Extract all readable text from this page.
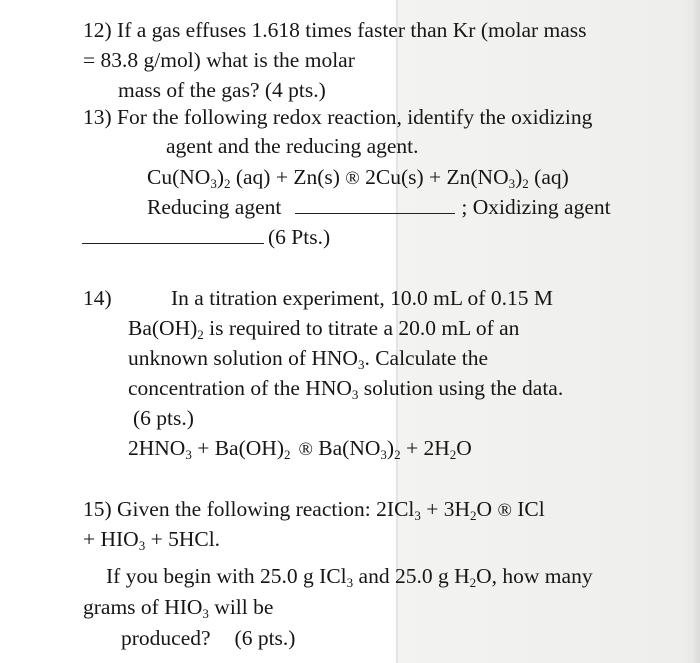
12) If a gas effuses 1.618 times faster than Kr (molar mass
= 83.8 g/mol) what is the molar
mass of the gas? (4 pts.)
13) For the following redox reaction, identify the oxidizing
agent and the reducing agent.
$Cu(NO_3)_2$ (aq) + Zn(s) ® $2Cu(s) + Zn(NO_3)_2$ (aq)
Reducing agent	; Oxidizing agent
(6 Pts.)
14)	In a titration experiment, 10.0 mL of 0.15 M
$Ba(OH)_2$ is required to titrate a 20.0 mL of an
unknown solution of $HNO_3$. Calculate the
concentration of the $HNO_3$ solution using the data.
(6 pts.)
$2HNO_3 + Ba(OH)_2$ ® $Ba(NO_3)_2 + 2H_2O$
15) Given the following reaction: $2ICl_3 + 3H_2O$ ® ICl
+ $HIO_3 + 5HCl$.
If you begin with 25.0 g ICl$_3$ and 25.0 g $H_2O$, how many
grams of $HIO_3$ will be
produced? (6 pts.)
